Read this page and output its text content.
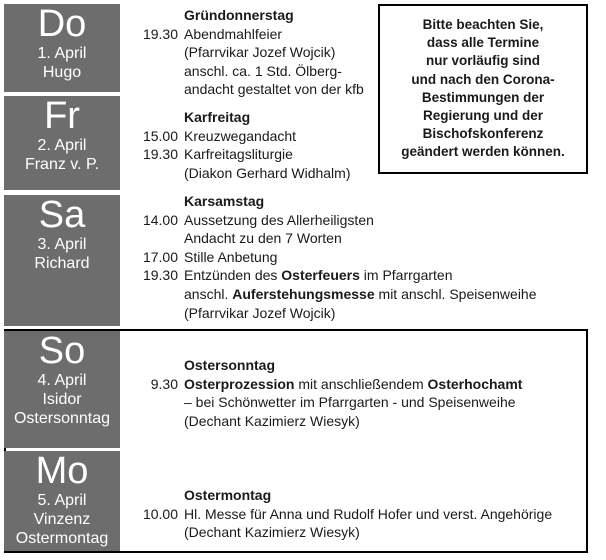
Do
1. April
Hugo
Fr
2. April
Franz v. P.
Sa
3. April
Richard
So
4. April
Isidor
Ostersonntag
Mo
5. April
Vinzenz
Ostermontag
Gründonnerstag
19.30 Abendmahlfeier
(Pfarrvikar Jozef Wojcik)
anschl. ca. 1 Std. Ölberg-
andacht gestaltet von der kfb
Karfreitag
15.00 Kreuzwegandacht
19.30 Karfreitagsliturgie
(Diakon Gerhard Widhalm)
Karsamstag
14.00 Aussetzung des Allerheiligsten
Andacht zu den 7 Worten
17.00 Stille Anbetung
19.30 Entzünden des Osterfeuers im Pfarrgarten
anschl. Auferstehungsmesse mit anschl. Speisenweihe
(Pfarrvikar Jozef Wojcik)
Ostersonntag
9.30 Osterprozession mit anschließendem Osterhochamt
– bei Schönwetter im Pfarrgarten - und Speisenweihe
(Dechant Kazimierz Wiesyk)
Ostermontag
10.00 Hl. Messe für Anna und Rudolf Hofer und verst. Angehörige
(Dechant Kazimierz Wiesyk)
Bitte beachten Sie,
dass alle Termine
nur vorläufig sind
und nach den Corona-
Bestimmungen der
Regierung und der
Bischofskonferenz
geändert werden können.
